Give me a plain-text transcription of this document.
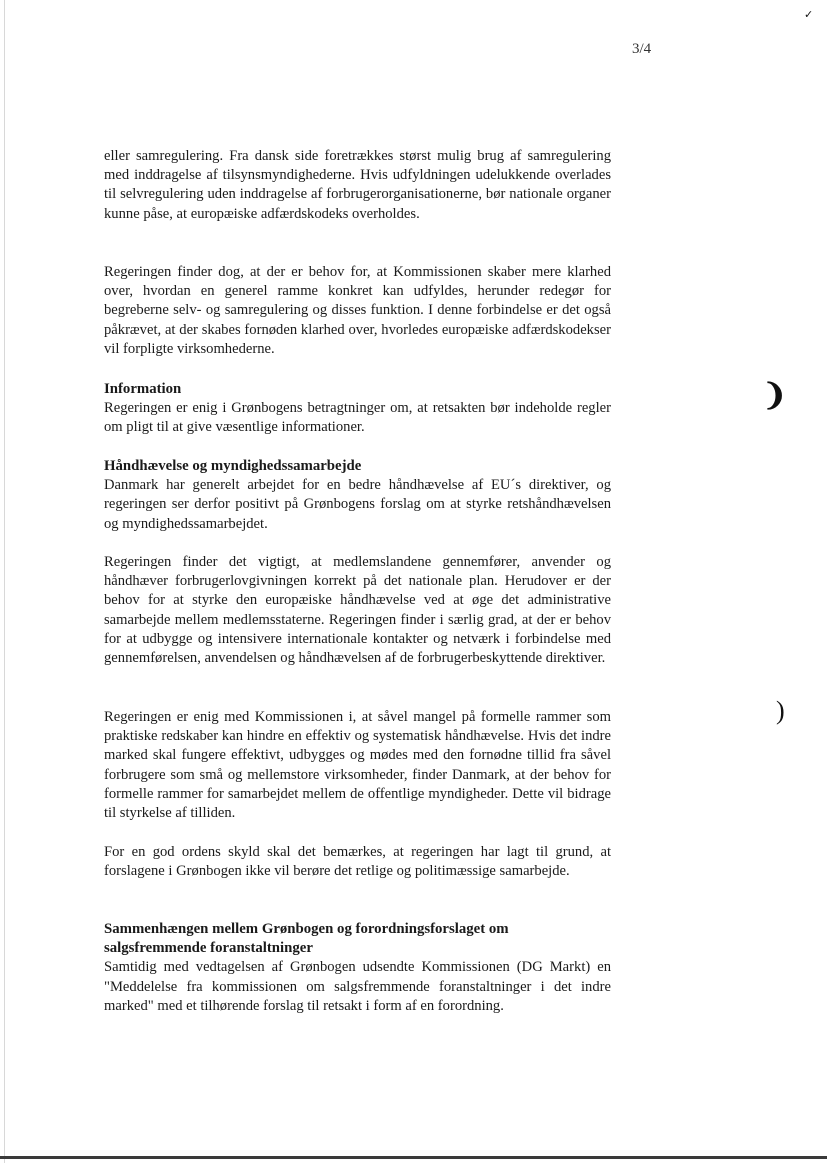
3/4
✓
❩
)

eller samregulering. Fra dansk side foretrækkes størst mulig brug af samregulering med inddragelse af tilsynsmyndighederne. Hvis udfyldningen udelukkende overlades til selvregulering uden inddragelse af forbrugerorganisationerne, bør nationale organer kunne påse, at europæiske adfærdskodeks overholdes.

Regeringen finder dog, at der er behov for, at Kommissionen skaber mere klarhed over, hvordan en generel ramme konkret kan udfyldes, herunder redegør for begreberne selv- og samregulering og disses funktion. I denne forbindelse er det også påkrævet, at der skabes fornøden klarhed over, hvorledes europæiske adfærdskodekser vil forpligte virksomhederne.

Information

Regeringen er enig i Grønbogens betragtninger om, at retsakten bør indeholde regler om pligt til at give væsentlige informationer.

Håndhævelse og myndighedssamarbejde

Danmark har generelt arbejdet for en bedre håndhævelse af EU´s direktiver, og regeringen ser derfor positivt på Grønbogens forslag om at styrke retshåndhævelsen og myndighedssamarbejdet.

Regeringen finder det vigtigt, at medlemslandene gennemfører, anvender og håndhæver forbrugerlovgivningen korrekt på det nationale plan. Herudover er der behov for at styrke den europæiske håndhævelse ved at øge det administrative samarbejde mellem medlemsstaterne. Regeringen finder i særlig grad, at der er behov for at udbygge og intensivere internationale kontakter og netværk i forbindelse med gennemførelsen, anvendelsen og håndhævelsen af de forbrugerbeskyttende direktiver.

Regeringen er enig med Kommissionen i, at såvel mangel på formelle rammer som praktiske redskaber kan hindre en effektiv og systematisk håndhævelse. Hvis det indre marked skal fungere effektivt, udbygges og mødes med den fornødne tillid fra såvel forbrugere som små og mellemstore virksomheder, finder Danmark, at der behov for formelle rammer for samarbejdet mellem de offentlige myndigheder. Dette vil bidrage til styrkelse af tilliden.

For en god ordens skyld skal det bemærkes, at regeringen har lagt til grund, at forslagene i Grønbogen ikke vil berøre det retlige og politimæssige samarbejde.

Sammenhængen mellem Grønbogen og forordningsforslaget om salgsfremmende foranstaltninger

Samtidig med vedtagelsen af Grønbogen udsendte Kommissionen (DG Markt) en "Meddelelse fra kommissionen om salgsfremmende foranstaltninger i det indre marked" med et tilhørende forslag til retsakt i form af en forordning.
